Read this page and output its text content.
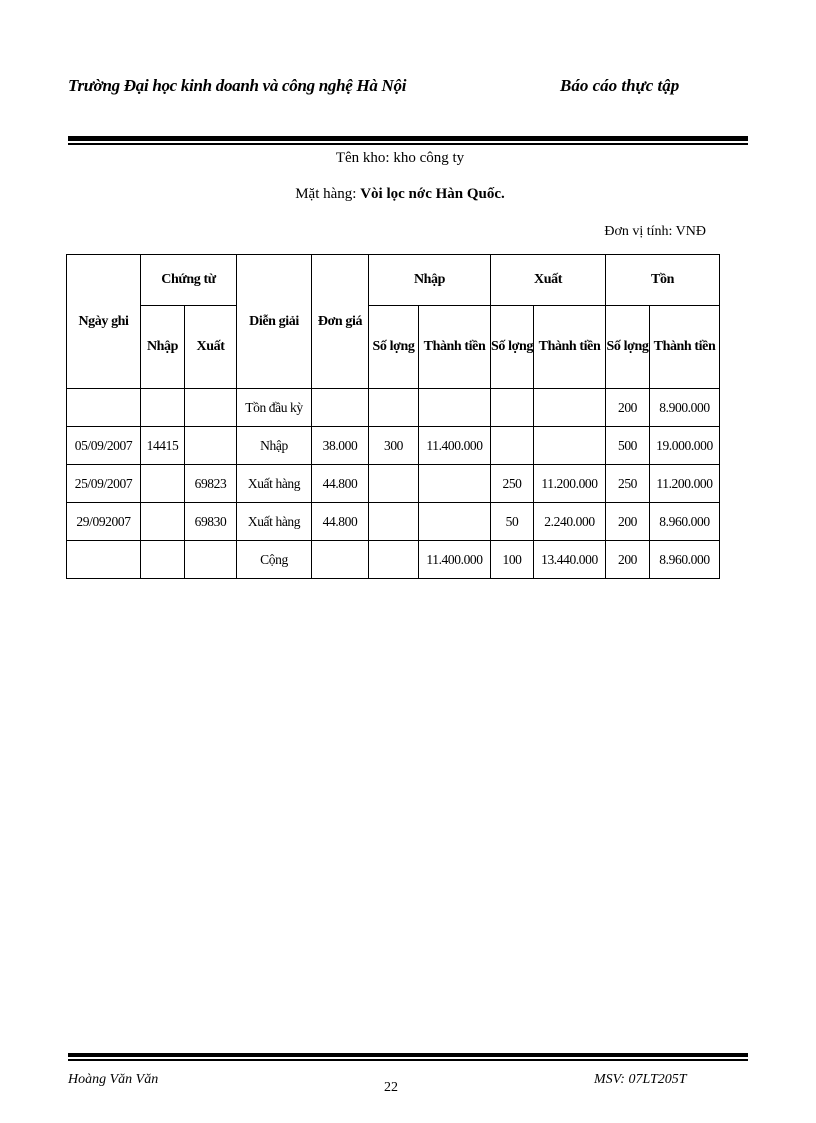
Trường Đại học kinh doanh và công nghệ Hà Nội	Báo cáo thực tập
Tên kho: kho công ty
Mặt hàng: Vòi lọc nớc Hàn Quốc.
Đơn vị tính: VNĐ
Ngày ghi	Chứng từ		Diễn giải	Đơn giá	Nhập		Xuất		Tồn	
	Nhập	Xuất			Số lợng	Thành tiền	Số lợng	Thành tiền	Số lợng	Thành tiền
			Tồn đầu kỳ						200	8.900.000
05/09/2007	14415		Nhập	38.000	300	11.400.000			500	19.000.000
25/09/2007		69823	Xuất hàng	44.800			250	11.200.000	250	11.200.000
29/092007		69830	Xuất hàng	44.800			50	2.240.000	200	8.960.000
			Cộng			11.400.000	100	13.440.000	200	8.960.000
Hoàng Văn Văn
22
MSV: 07LT205T
